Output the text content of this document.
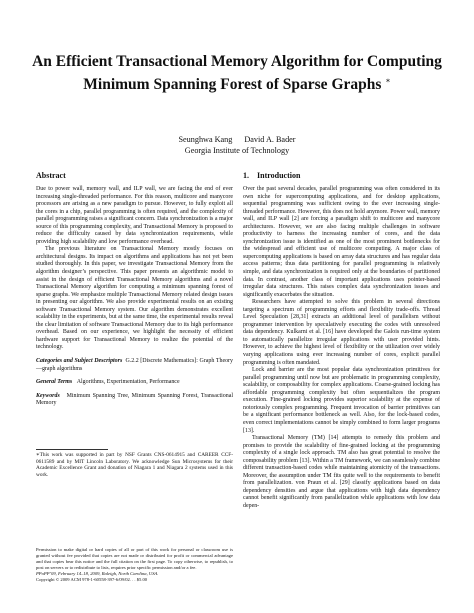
An Efficient Transactional Memory Algorithm for Computing
Minimum Spanning Forest of Sparse Graphs ∗
Seunghwa Kang David A. Bader
Georgia Institute of Technology
Abstract

Due to power wall, memory wall, and ILP wall, we are facing the end of ever increasing single-threaded performance. For this reason, multicore and manycore processors are arising as a new paradigm to pursue. However, to fully exploit all the cores in a chip, parallel programming is often required, and the complexity of parallel programming raises a significant concern. Data synchronization is a major source of this programming complexity, and Transactional Memory is proposed to reduce the difficulty caused by data synchronization requirements, while providing high scalability and low performance overhead.

The previous literature on Transactional Memory mostly focuses on architectural designs. Its impact on algorithms and applications has not yet been studied thoroughly. In this paper, we investigate Transactional Memory from the algorithm designer’s perspective. This paper presents an algorithmic model to assist in the design of efficient Transactional Memory algorithms and a novel Transactional Memory algorithm for computing a minimum spanning forest of sparse graphs. We emphasize multiple Transactional Memory related design issues in presenting our algorithm. We also provide experimental results on an existing software Transactional Memory system. Our algorithm demonstrates excellent scalability in the experiments, but at the same time, the experimental results reveal the clear limitation of software Transactional Memory due to its high performance overhead. Based on our experience, we highlight the necessity of efficient hardware support for Transactional Memory to realize the potential of the technology.

Categories and Subject Descriptors G.2.2 [Discrete Mathematics]: Graph Theory—graph algorithms
General Terms Algorithms, Experimentation, Performance
Keywords Minimum Spanning Tree, Minimum Spanning Forest, Transactional Memory
∗This work was supported in part by NSF Grants CNS-0614915 and CAREER CCF-0611589 and by MIT Lincoln Laboratory. We acknowledge Sun Microsystems for their Academic Excellence Grant and donation of Niagara 1 and Niagara 2 systems used in this work.
Permission to make digital or hard copies of all or part of this work for personal or classroom use is granted without fee provided that copies are not made or distributed for profit or commercial advantage and that copies bear this notice and the full citation on the first page. To copy otherwise, to republish, to post on servers or to redistribute to lists, requires prior specific permission and/or a fee.
PPoPP’09, February 14–18, 2009, Raleigh, North Carolina, USA.
Copyright © 2009 ACM 978-1-60558-397-6/09/02. . . $5.00
1. Introduction

Over the past several decades, parallel programming was often considered in its own niche for supercomputing applications, and for desktop applications, sequential programming was sufficient owing to the ever increasing single-threaded performance. However, this does not hold anymore. Power wall, memory wall, and ILP wall [2] are forcing a paradigm shift to multicore and manycore architectures. However, we are also facing multiple challenges in software productivity to harness the increasing number of cores, and the data synchronization issue is identified as one of the most prominent bottlenecks for the widespread and efficient use of multicore computing. A major class of supercomputing applications is based on array data structures and has regular data access patterns; thus data partitioning for parallel programming is relatively simple, and data synchronization is required only at the boundaries of partitioned data. In contrast, another class of important applications uses pointer-based irregular data structures. This raises complex data synchronization issues and significantly exacerbates the situation.

Researchers have attempted to solve this problem in several directions targeting a spectrum of programming efforts and flexibility trade-offs. Thread Level Speculation [28,31] extracts an additional level of parallelism without programmer intervention by speculatively executing the codes with unresolved data dependency. Kulkarni et al. [16] have developed the Galois run-time system to automatically parallelize irregular applications with user provided hints. However, to achieve the highest level of flexibility or the utilization over widely varying applications using ever increasing number of cores, explicit parallel programming is often mandated.

Lock and barrier are the most popular data synchronization primitives for parallel programming until now but are problematic in programming complexity, scalability, or composability for complex applications. Coarse-grained locking has affordable programming complexity but often sequentializes the program execution. Fine-grained locking provides superior scalability at the expense of notoriously complex programming. Frequent invocation of barrier primitives can be a significant performance bottleneck as well. Also, for the lock-based codes, even correct implementations cannot be simply combined to form larger programs [13].

Transactional Memory (TM) [14] attempts to remedy this problem and promises to provide the scalability of fine-grained locking at the programming complexity of a single lock approach. TM also has great potential to resolve the composability problem [13]. Within a TM framework, we can seamlessly combine different transaction-based codes while maintaining atomicity of the transactions. Moreover, the assumption under TM fits quite well to the requirements to benefit from parallelization. von Praun et al. [29] classify applications based on data dependency densities and argue that applications with high data dependency cannot benefit significantly from parallelization while applications with low data depen-
